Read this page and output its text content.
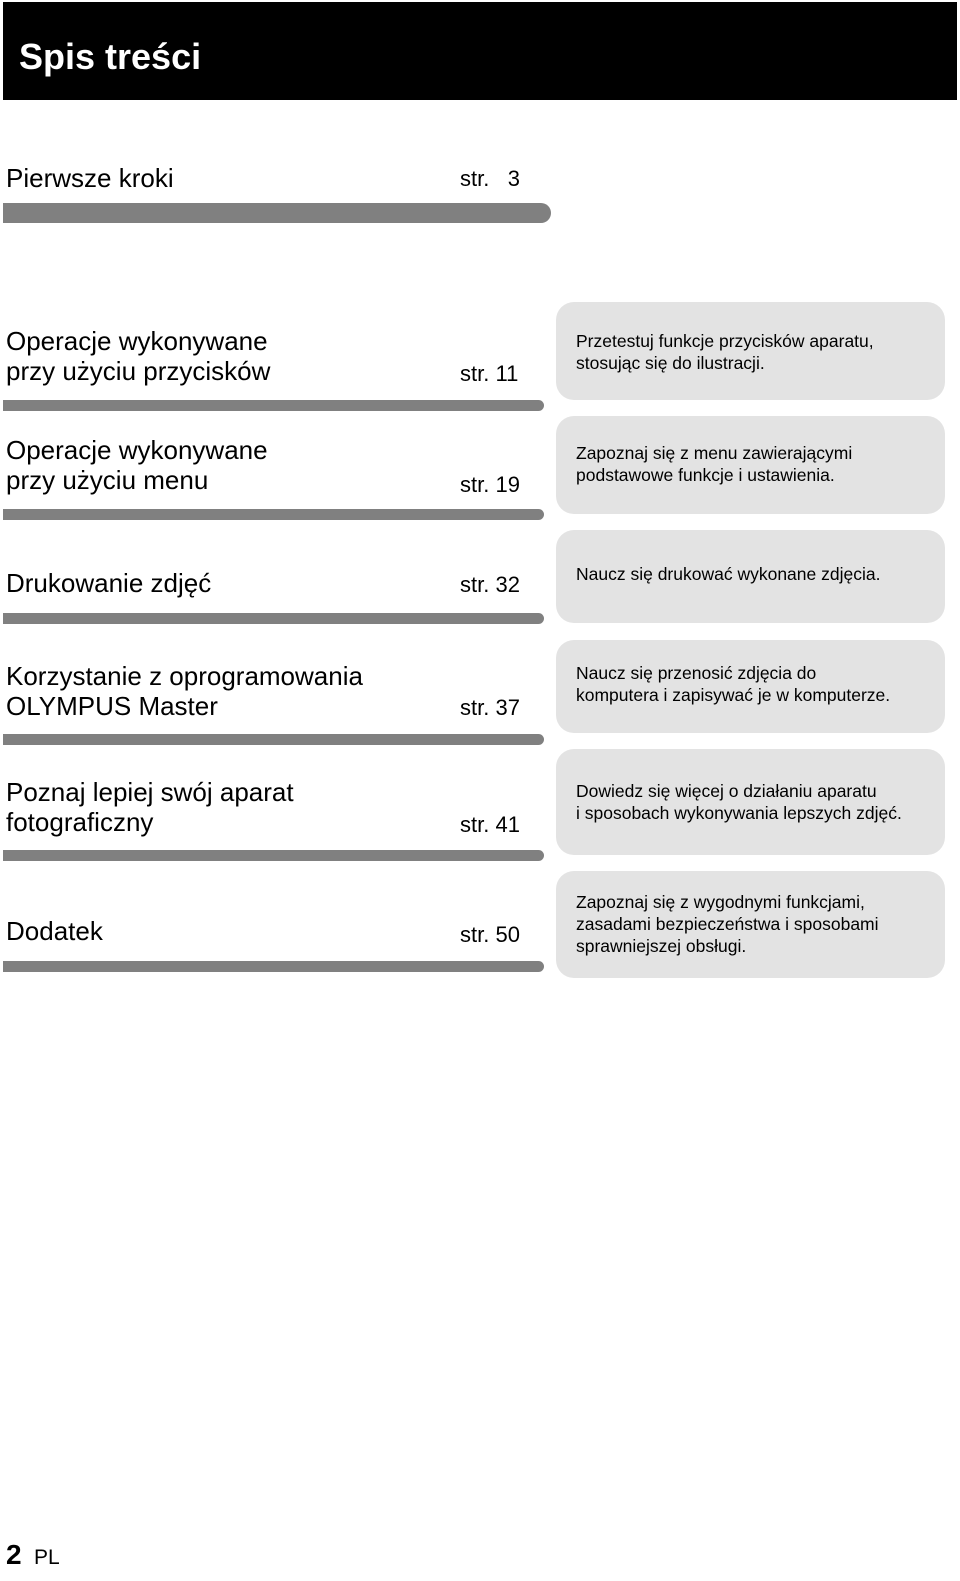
Spis treści
Pierwsze kroki	str. 3
Operacje wykonywane
przy użyciu przycisków	str. 11
Przetestuj funkcje przycisków aparatu,
stosując się do ilustracji.
Operacje wykonywane
przy użyciu menu	str. 19
Zapoznaj się z menu zawierającymi
podstawowe funkcje i ustawienia.
Drukowanie zdjęć	str. 32	Naucz się drukować wykonane zdjęcia.
Korzystanie z oprogramowania
OLYMPUS Master	str. 37
Naucz się przenosić zdjęcia do
komputera i zapisywać je w komputerze.
Poznaj lepiej swój aparat
fotograficzny	str. 41
Dowiedz się więcej o działaniu aparatu
i sposobach wykonywania lepszych zdjęć.
Dodatek	str. 50
Zapoznaj się z wygodnymi funkcjami,
zasadami bezpieczeństwa i sposobami
sprawniejszej obsługi.
2 PL
